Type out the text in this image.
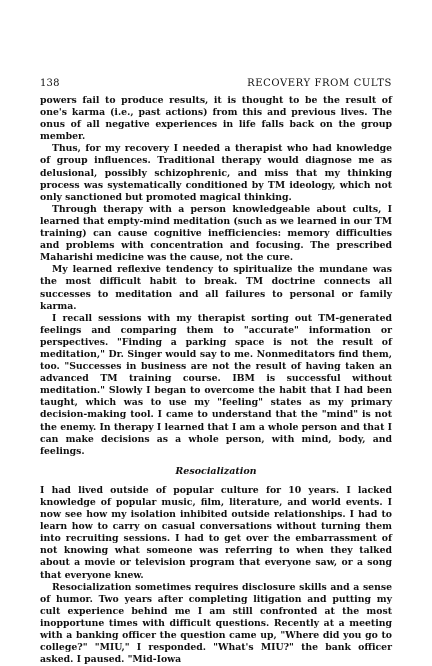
138	RECOVERY FROM CULTS

powers fail to produce results, it is thought to be the result of one's karma (i.e., past actions) from this and previous lives. The onus of all negative experiences in life falls back on the group member.

Thus, for my recovery I needed a therapist who had knowledge of group influences. Traditional therapy would diagnose me as delusional, possibly schizophrenic, and miss that my thinking process was systematically conditioned by TM ideology, which not only sanctioned but promoted magical thinking.

Through therapy with a person knowledgeable about cults, I learned that empty-mind meditation (such as we learned in our TM training) can cause cognitive inefficiencies: memory difficulties and problems with concentration and focusing. The prescribed Maharishi medicine was the cause, not the cure.

My learned reflexive tendency to spiritualize the mundane was the most difficult habit to break. TM doctrine connects all successes to meditation and all failures to personal or family karma.

I recall sessions with my therapist sorting out TM-generated feelings and comparing them to "accurate" information or perspectives. "Finding a parking space is not the result of meditation," Dr. Singer would say to me. Nonmeditators find them, too. "Successes in business are not the result of having taken an advanced TM training course. IBM is successful without meditation." Slowly I began to overcome the habit that I had been taught, which was to use my "feeling" states as my primary decision-making tool. I came to understand that the "mind" is not the enemy. In therapy I learned that I am a whole person and that I can make decisions as a whole person, with mind, body, and feelings.

Resocialization

I had lived outside of popular culture for 10 years. I lacked knowledge of popular music, film, literature, and world events. I now see how my isolation inhibited outside relationships. I had to learn how to carry on casual conversations without turning them into recruiting sessions. I had to get over the embarrassment of not knowing what someone was referring to when they talked about a movie or television program that everyone saw, or a song that everyone knew.

Resocialization sometimes requires disclosure skills and a sense of humor. Two years after completing litigation and putting my cult experience behind me I am still confronted at the most inopportune times with difficult questions. Recently at a meeting with a banking officer the question came up, "Where did you go to college?" "MIU," I responded. "What's MIU?" the bank officer asked. I paused. "Mid-Iowa
